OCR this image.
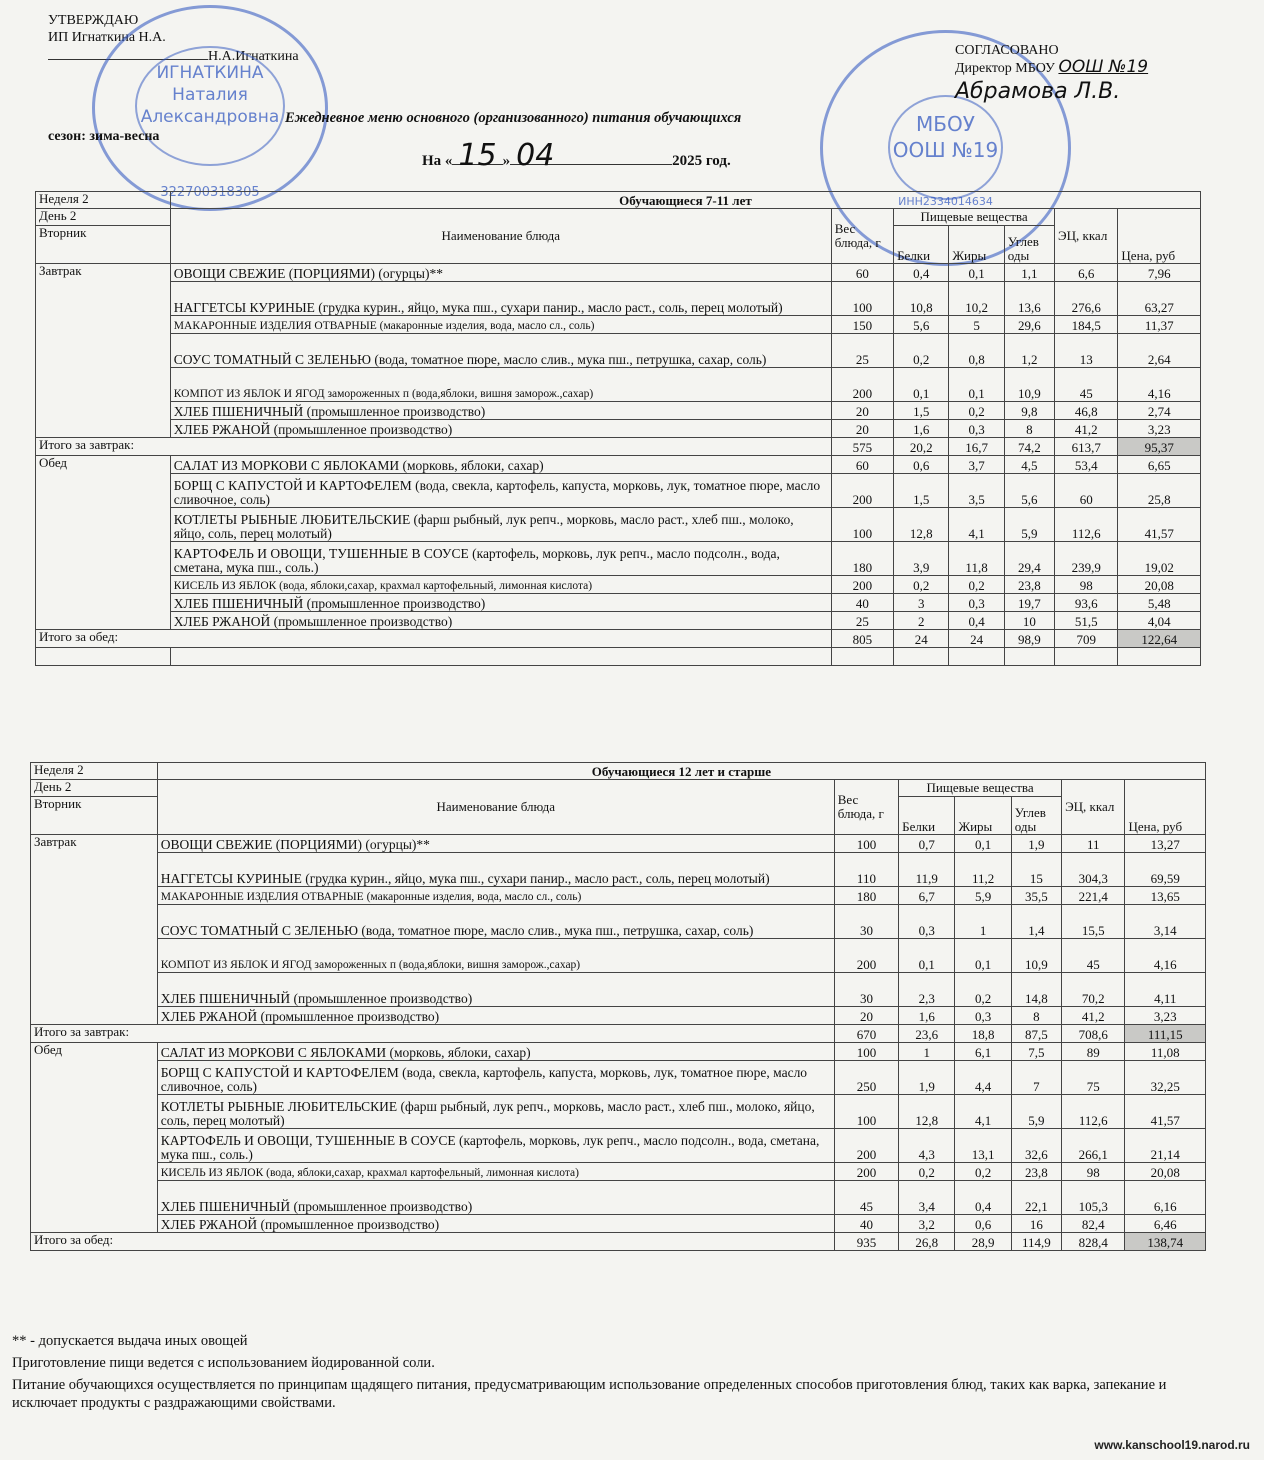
УТВЕРЖДАЮ
ИП Игнаткина Н.А.
Н.А.Игнаткина
ИГНАТКИНА
Наталия
Александровна
322700318305
МБОУ
ООШ №19
ИНН2334014634
СОГЛАСОВАНО
Директор МБОУ ООШ №19
Абрамова Л.В.
Ежедневное меню основного (организованного) питания обучающихся
сезон: зима-весна
На « 15 » 04	2025 год.
Неделя 2	Обучающиеся 7-11 лет						
День 2	Наименование блюда	Вес блюда, г	Пищевые вещества			ЭЦ, ккал	Цена, руб
Вторник			Белки	Жиры	Углев оды		

Завтрак	ОВОЩИ СВЕЖИЕ (ПОРЦИЯМИ) (огурцы)**	60	0,4	0,1	1,1	6,6	7,96
	НАГГЕТСЫ КУРИНЫЕ (грудка курин., яйцо, мука пш., сухари панир., масло раст., соль, перец молотый)	100	10,8	10,2	13,6	276,6	63,27
	МАКАРОННЫЕ ИЗДЕЛИЯ ОТВАРНЫЕ (макаронные изделия, вода, масло сл., соль)	150	5,6	5	29,6	184,5	11,37
	СОУС ТОМАТНЫЙ С ЗЕЛЕНЬЮ (вода, томатное пюре, масло слив., мука пш., петрушка, сахар, соль)	25	0,2	0,8	1,2	13	2,64
	КОМПОТ ИЗ ЯБЛОК И ЯГОД замороженных п (вода,яблоки, вишня заморож.,сахар)	200	0,1	0,1	10,9	45	4,16
	ХЛЕБ ПШЕНИЧНЫЙ (промышленное производство)	20	1,5	0,2	9,8	46,8	2,74
	ХЛЕБ РЖАНОЙ (промышленное производство)	20	1,6	0,3	8	41,2	3,23
Итого за завтрак:		575	20,2	16,7	74,2	613,7	95,37
Обед	САЛАТ ИЗ МОРКОВИ С ЯБЛОКАМИ (морковь, яблоки, сахар)	60	0,6	3,7	4,5	53,4	6,65
	БОРЩ С КАПУСТОЙ И КАРТОФЕЛЕМ (вода, свекла, картофель, капуста, морковь, лук, томатное пюре, масло сливочное, соль)	200	1,5	3,5	5,6	60	25,8
	КОТЛЕТЫ РЫБНЫЕ ЛЮБИТЕЛЬСКИЕ (фарш рыбный, лук репч., морковь, масло раст., хлеб пш., молоко, яйцо, соль, перец молотый)	100	12,8	4,1	5,9	112,6	41,57
	КАРТОФЕЛЬ И ОВОЩИ, ТУШЕННЫЕ В СОУСЕ (картофель, морковь, лук репч., масло подсолн., вода, сметана, мука пш., соль.)	180	3,9	11,8	29,4	239,9	19,02
	КИСЕЛЬ ИЗ ЯБЛОК (вода, яблоки,сахар, крахмал картофельный, лимонная кислота)	200	0,2	0,2	23,8	98	20,08
	ХЛЕБ ПШЕНИЧНЫЙ (промышленное производство)	40	3	0,3	19,7	93,6	5,48
	ХЛЕБ РЖАНОЙ (промышленное производство)	25	2	0,4	10	51,5	4,04
Итого за обед:		805	24	24	98,9	709	122,64

Неделя 2	Обучающиеся 12 лет и старше						
День 2	Наименование блюда	Вес блюда, г	Пищевые вещества			ЭЦ, ккал	Цена, руб
Вторник			Белки	Жиры	Углев оды		

Завтрак	ОВОЩИ СВЕЖИЕ (ПОРЦИЯМИ) (огурцы)**	100	0,7	0,1	1,9	11	13,27
	НАГГЕТСЫ КУРИНЫЕ (грудка курин., яйцо, мука пш., сухари панир., масло раст., соль, перец молотый)	110	11,9	11,2	15	304,3	69,59
	МАКАРОННЫЕ ИЗДЕЛИЯ ОТВАРНЫЕ (макаронные изделия, вода, масло сл., соль)	180	6,7	5,9	35,5	221,4	13,65
	СОУС ТОМАТНЫЙ С ЗЕЛЕНЬЮ (вода, томатное пюре, масло слив., мука пш., петрушка, сахар, соль)	30	0,3	1	1,4	15,5	3,14
	КОМПОТ ИЗ ЯБЛОК И ЯГОД замороженных п (вода,яблоки, вишня заморож.,сахар)	200	0,1	0,1	10,9	45	4,16
	ХЛЕБ ПШЕНИЧНЫЙ (промышленное производство)	30	2,3	0,2	14,8	70,2	4,11
	ХЛЕБ РЖАНОЙ (промышленное производство)	20	1,6	0,3	8	41,2	3,23
Итого за завтрак:		670	23,6	18,8	87,5	708,6	111,15
Обед	САЛАТ ИЗ МОРКОВИ С ЯБЛОКАМИ (морковь, яблоки, сахар)	100	1	6,1	7,5	89	11,08
	БОРЩ С КАПУСТОЙ И КАРТОФЕЛЕМ (вода, свекла, картофель, капуста, морковь, лук, томатное пюре, масло сливочное, соль)	250	1,9	4,4	7	75	32,25
	КОТЛЕТЫ РЫБНЫЕ ЛЮБИТЕЛЬСКИЕ (фарш рыбный, лук репч., морковь, масло раст., хлеб пш., молоко, яйцо, соль, перец молотый)	100	12,8	4,1	5,9	112,6	41,57
	КАРТОФЕЛЬ И ОВОЩИ, ТУШЕННЫЕ В СОУСЕ (картофель, морковь, лук репч., масло подсолн., вода, сметана, мука пш., соль.)	200	4,3	13,1	32,6	266,1	21,14
	КИСЕЛЬ ИЗ ЯБЛОК (вода, яблоки,сахар, крахмал картофельный, лимонная кислота)	200	0,2	0,2	23,8	98	20,08
	ХЛЕБ ПШЕНИЧНЫЙ (промышленное производство)	45	3,4	0,4	22,1	105,3	6,16
	ХЛЕБ РЖАНОЙ (промышленное производство)	40	3,2	0,6	16	82,4	6,46
Итого за обед:		935	26,8	28,9	114,9	828,4	138,74

** - допускается выдача иных овощей

Приготовление пищи ведется с использованием йодированной соли.

Питание обучающихся осуществляется по принципам щадящего питания, предусматривающим использование определенных способов приготовления блюд, таких как варка, запекание и исключает продукты с раздражающими свойствами.

www.kanschool19.narod.ru
